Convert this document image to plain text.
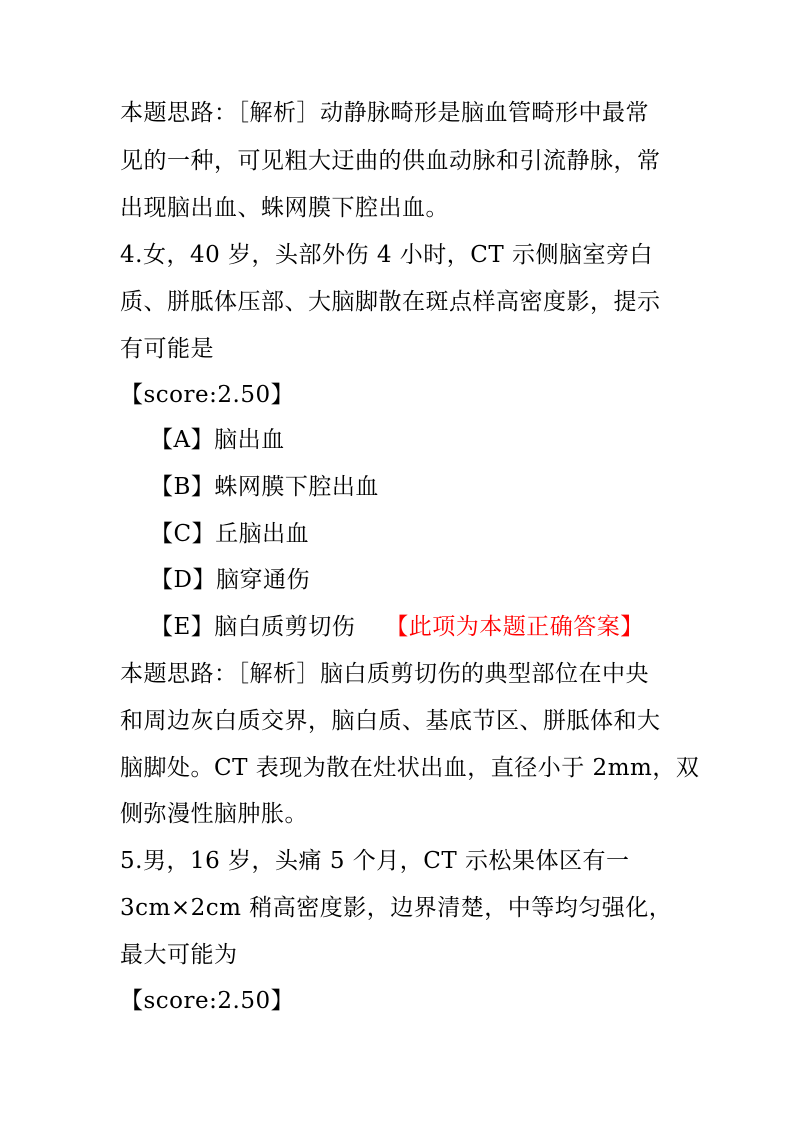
本题思路：［解析］动静脉畸形是脑血管畸形中最常
见的一种，可见粗大迂曲的供血动脉和引流静脉，常
出现脑出血、蛛网膜下腔出血。
4.女，40 岁，头部外伤 4 小时，CT 示侧脑室旁白
质、胼胝体压部、大脑脚散在斑点样高密度影，提示
有可能是
【score:2.50】
【A】脑出血
【B】蛛网膜下腔出血
【C】丘脑出血
【D】脑穿通伤
【E】脑白质剪切伤 【此项为本题正确答案】
本题思路：［解析］脑白质剪切伤的典型部位在中央
和周边灰白质交界，脑白质、基底节区、胼胝体和大
脑脚处。CT 表现为散在灶状出血，直径小于 2mm，双
侧弥漫性脑肿胀。
5.男，16 岁，头痛 5 个月，CT 示松果体区有一
3cm×2cm 稍高密度影，边界清楚，中等均匀强化，
最大可能为
【score:2.50】
